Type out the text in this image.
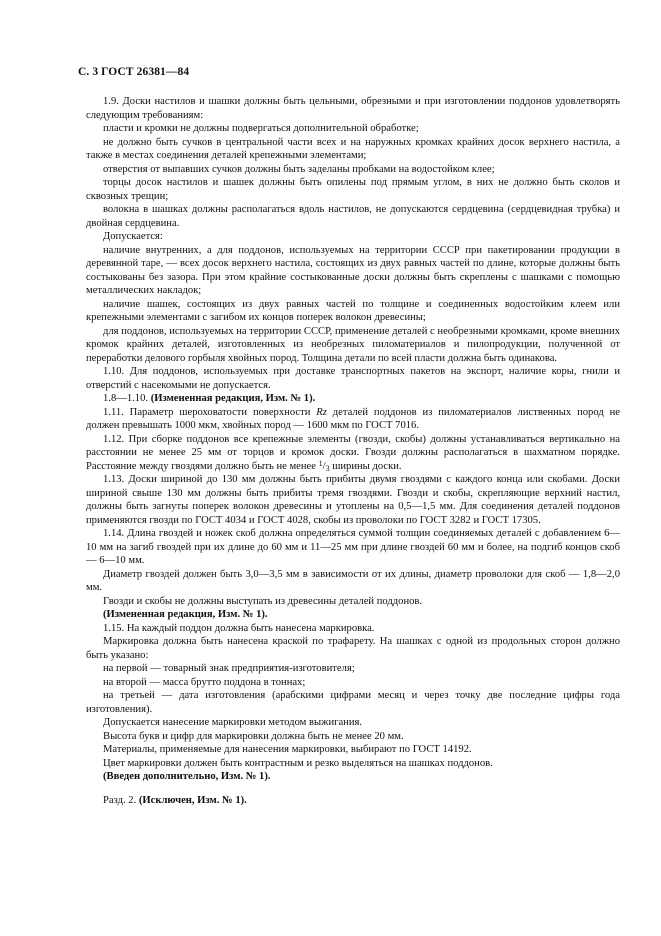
С. 3 ГОСТ 26381—84

1.9. Доски настилов и шашки должны быть цельными, обрезными и при изготовлении поддонов удовлетворять следующим требованиям:

пласти и кромки не должны подвергаться дополнительной обработке;

не должно быть сучков в центральной части всех и на наружных кромках крайних досок верхнего настила, а также в местах соединения деталей крепежными элементами;

отверстия от выпавших сучков должны быть заделаны пробками на водостойком клее;

торцы досок настилов и шашек должны быть опилены под прямым углом, в них не должно быть сколов и сквозных трещин;

волокна в шашках должны располагаться вдоль настилов, не допускаются сердцевина (сердцевидная трубка) и двойная сердцевина.

Допускается:

наличие внутренних, а для поддонов, используемых на территории СССР при пакетировании продукции в деревянной таре, — всех досок верхнего настила, состоящих из двух равных частей по длине, которые должны быть состыкованы без зазора. При этом крайние состыкованные доски должны быть скреплены с шашками с помощью металлических накладок;

наличие шашек, состоящих из двух равных частей по толщине и соединенных водостойким клеем или крепежными элементами с загибом их концов поперек волокон древесины;

для поддонов, используемых на территории СССР, применение деталей с необрезными кромками, кроме внешних кромок крайних деталей, изготовленных из необрезных пиломатериалов и пилопродукции, полученной от переработки делового горбыля хвойных пород. Толщина детали по всей пласти должна быть одинакова.

1.10. Для поддонов, используемых при доставке транспортных пакетов на экспорт, наличие коры, гнили и отверстий с насекомыми не допускается.

1.8—1.10. (Измененная редакция, Изм. № 1).

1.11. Параметр шероховатости поверхности Rz деталей поддонов из пиломатериалов лиственных пород не должен превышать 1000 мкм, хвойных пород — 1600 мкм по ГОСТ 7016.

1.12. При сборке поддонов все крепежные элементы (гвозди, скобы) должны устанавливаться вертикально на расстоянии не менее 25 мм от торцов и кромок доски. Гвозди должны располагаться в шахматном порядке. Расстояние между гвоздями должно быть не менее $^1$/3 ширины доски.

1.13. Доски шириной до 130 мм должны быть прибиты двумя гвоздями с каждого конца или скобами. Доски шириной свыше 130 мм должны быть прибиты тремя гвоздями. Гвозди и скобы, скрепляющие верхний настил, должны быть загнуты поперек волокон древесины и утоплены на 0,5—1,5 мм. Для соединения деталей поддонов применяются гвозди по ГОСТ 4034 и ГОСТ 4028, скобы из проволоки по ГОСТ 3282 и ГОСТ 17305.

1.14. Длина гвоздей и ножек скоб должна определяться суммой толщин соединяемых деталей с добавлением 6—10 мм на загиб гвоздей при их длине до 60 мм и 11—25 мм при длине гвоздей 60 мм и более, на подгиб концов скоб — 6—10 мм.

Диаметр гвоздей должен быть 3,0—3,5 мм в зависимости от их длины, диаметр проволоки для скоб — 1,8—2,0 мм.

Гвозди и скобы не должны выступать из древесины деталей поддонов.

(Измененная редакция, Изм. № 1).

1.15. На каждый поддон должна быть нанесена маркировка.

Маркировка должна быть нанесена краской по трафарету. На шашках с одной из продольных сторон должно быть указано:

на первой — товарный знак предприятия-изготовителя;

на второй — масса брутто поддона в тоннах;

на третьей — дата изготовления (арабскими цифрами месяц и через точку две последние цифры года изготовления).

Допускается нанесение маркировки методом выжигания.

Высота букв и цифр для маркировки должна быть не менее 20 мм.

Материалы, применяемые для нанесения маркировки, выбирают по ГОСТ 14192.

Цвет маркировки должен быть контрастным и резко выделяться на шашках поддонов.

(Введен дополнительно, Изм. № 1).

Разд. 2. (Исключен, Изм. № 1).
